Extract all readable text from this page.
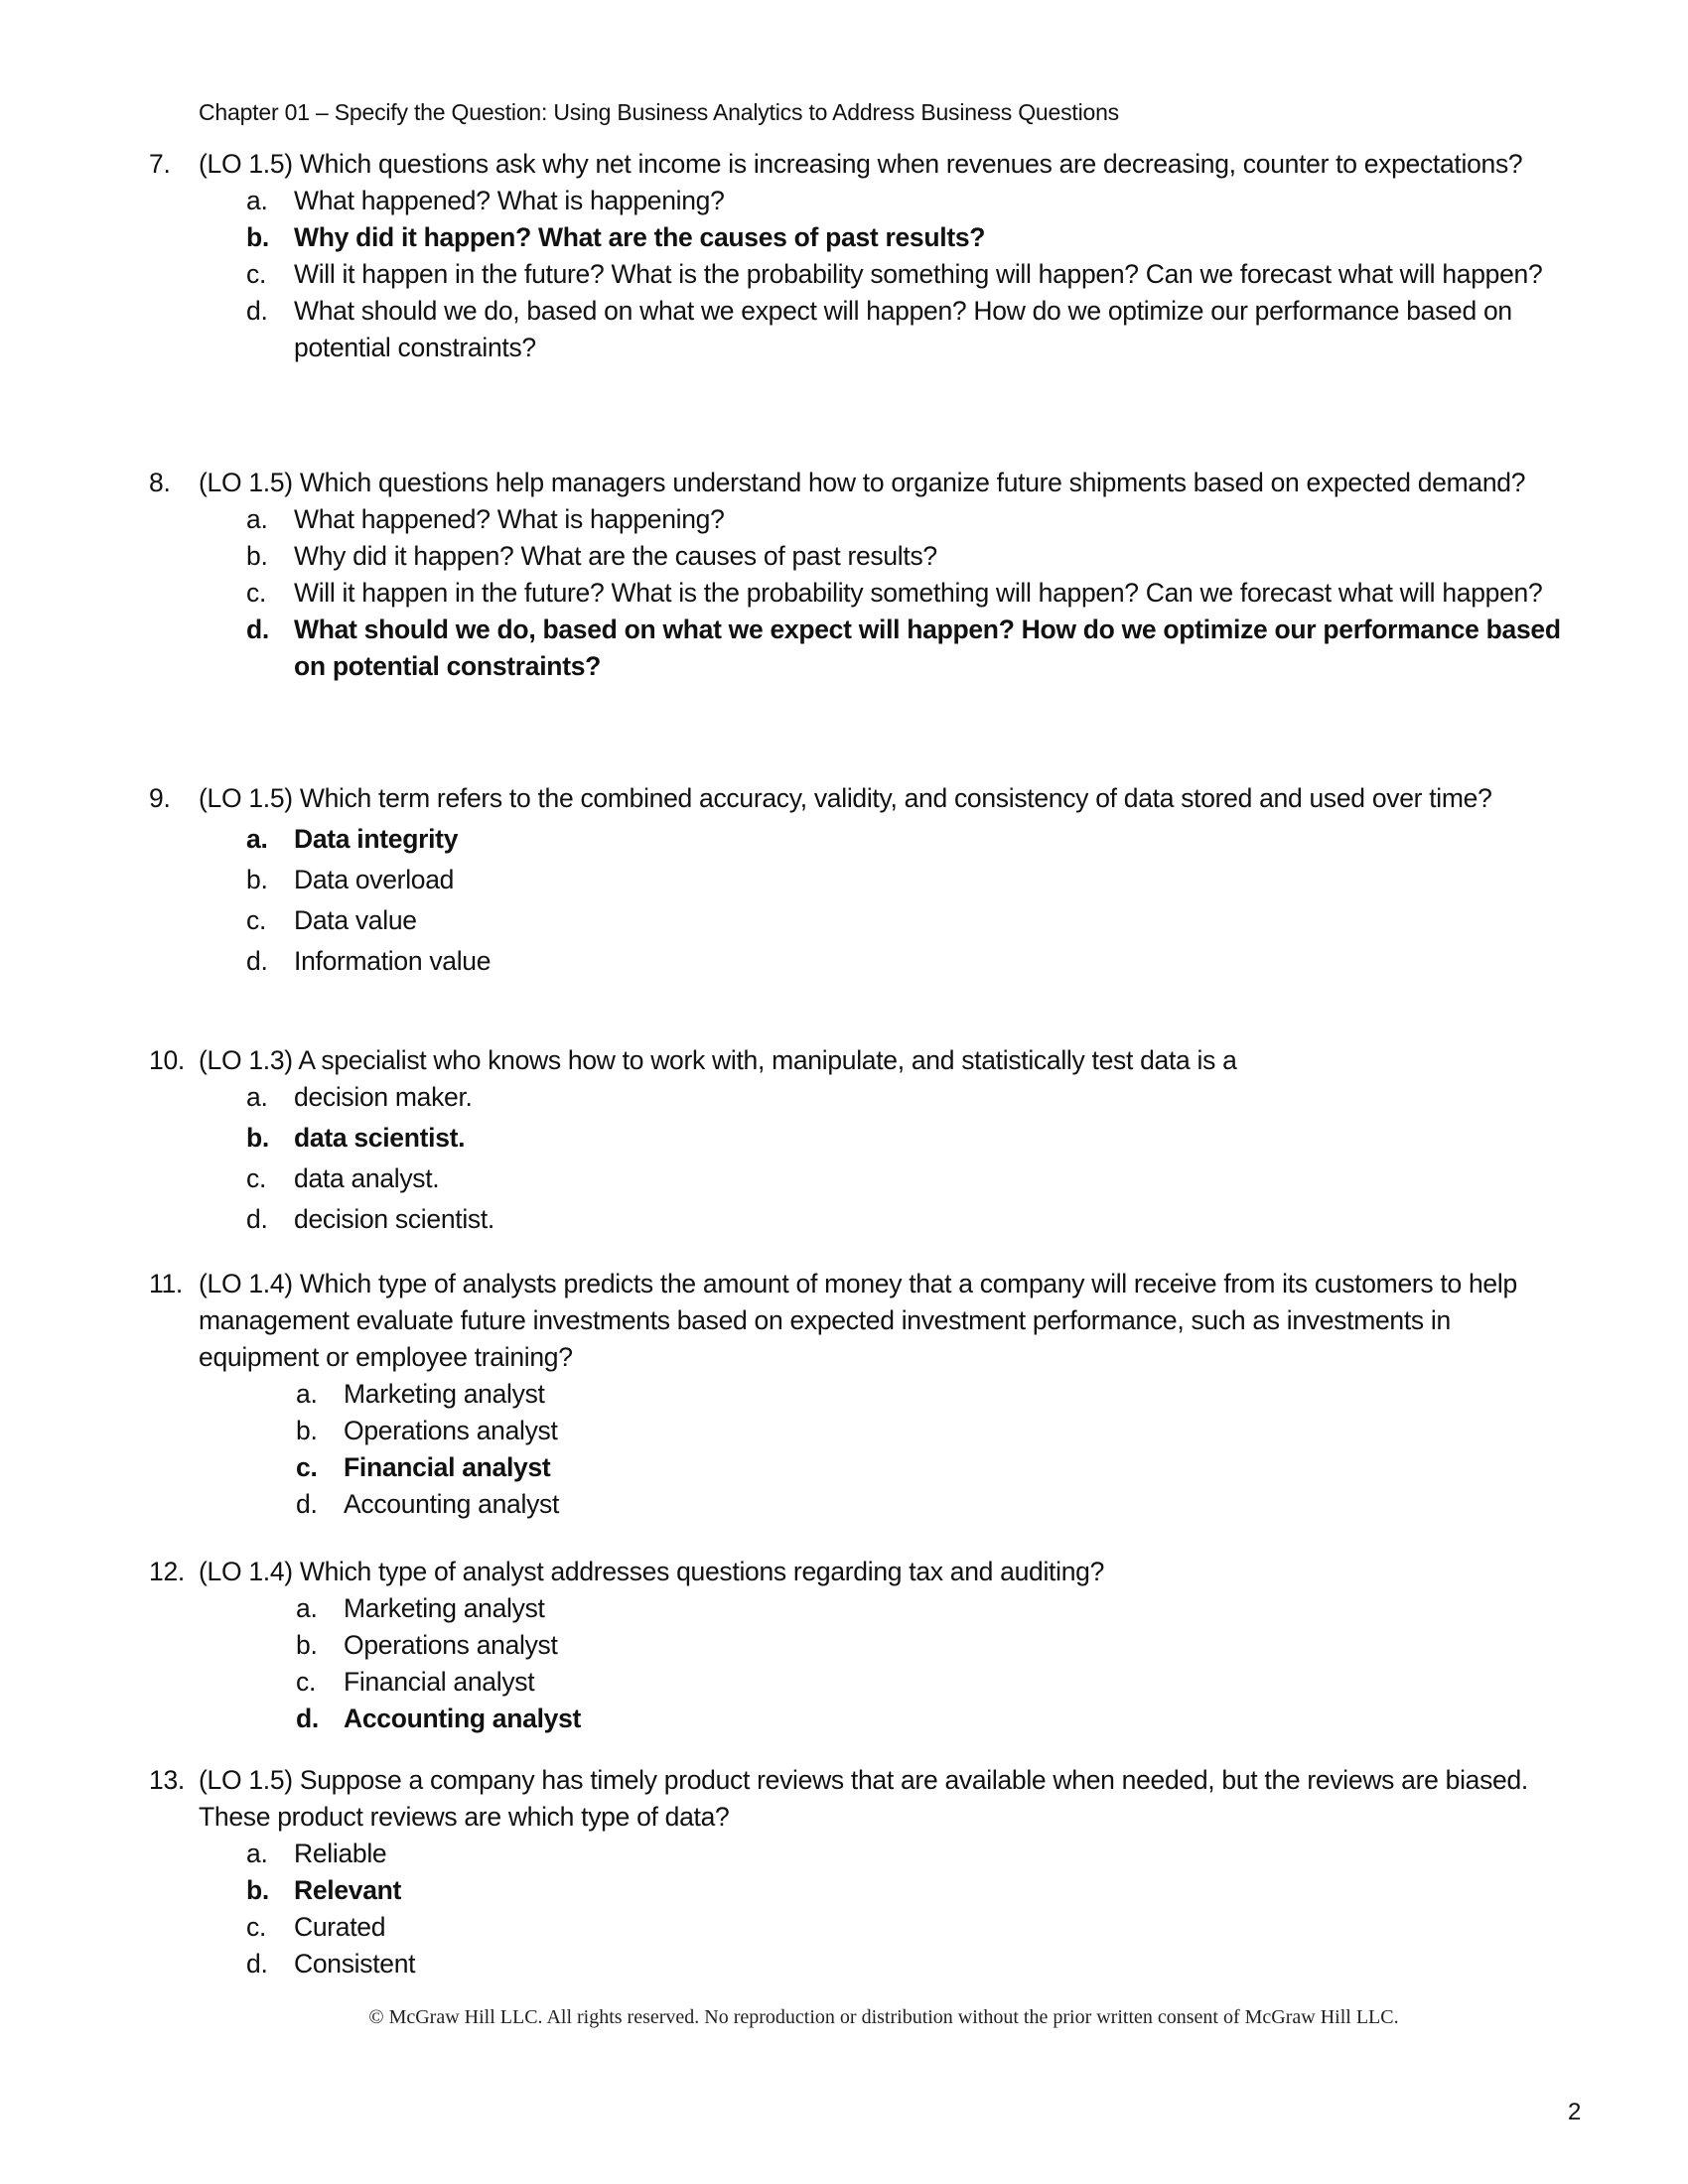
Chapter 01 – Specify the Question: Using Business Analytics to Address Business Questions
7.	(LO 1.5) Which questions ask why net income is increasing when revenues are decreasing, counter to expectations?
a. What happened? What is happening?
b. Why did it happen? What are the causes of past results?
c.	Will it happen in the future? What is the probability something will happen? Can we forecast what will happen?
d. What should we do, based on what we expect will happen? How do we optimize our performance based on potential constraints?
8.	(LO 1.5) Which questions help managers understand how to organize future shipments based on expected demand?
a. What happened? What is happening?
b. Why did it happen? What are the causes of past results?
c.	Will it happen in the future? What is the probability something will happen? Can we forecast what will happen?
d. What should we do, based on what we expect will happen? How do we optimize our performance based on potential constraints?
9.	(LO 1.5) Which term refers to the combined accuracy, validity, and consistency of data stored and used over time?
a. Data integrity
b. Data overload
c.	Data value
d. Information value
10. (LO 1.3) A specialist who knows how to work with, manipulate, and statistically test data is a
a. decision maker.
b. data scientist.
c.	data analyst.
d. decision scientist.
11. (LO 1.4) Which type of analysts predicts the amount of money that a company will receive from its customers to help management evaluate future investments based on expected investment performance, such as investments in equipment or employee training?
a. Marketing analyst
b. Operations analyst
c. Financial analyst
d. Accounting analyst
12. (LO 1.4) Which type of analyst addresses questions regarding tax and auditing?
a. Marketing analyst
b. Operations analyst
c.	Financial analyst
d. Accounting analyst
13. (LO 1.5) Suppose a company has timely product reviews that are available when needed, but the reviews are biased. These product reviews are which type of data?
a. Reliable
b. Relevant
c.	Curated
d. Consistent
© McGraw Hill LLC. All rights reserved. No reproduction or distribution without the prior written consent of McGraw Hill LLC.
2
